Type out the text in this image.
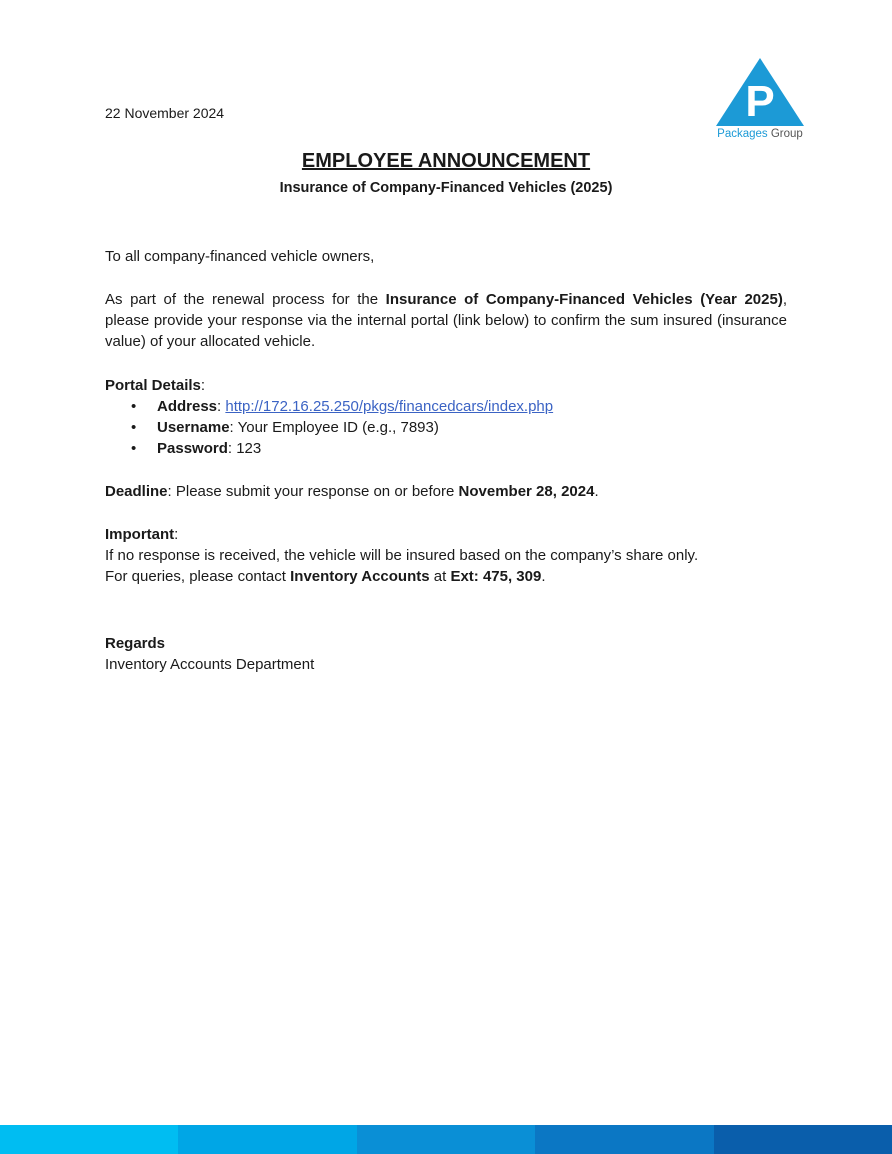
22 November 2024	P
Packages Group
EMPLOYEE ANNOUNCEMENT
Insurance of Company-Financed Vehicles (2025)
To all company-financed vehicle owners,
As part of the renewal process for the Insurance of Company-Financed Vehicles (Year 2025), please provide your response via the internal portal (link below) to confirm the sum insured (insurance value) of your allocated vehicle.
Portal Details:
• Address: http://172.16.25.250/pkgs/financedcars/index.php
• Username: Your Employee ID (e.g., 7893)
• Password: 123
Deadline: Please submit your response on or before November 28, 2024.
Important:
If no response is received, the vehicle will be insured based on the company’s share only.
For queries, please contact Inventory Accounts at Ext: 475, 309.
Regards
Inventory Accounts Department
